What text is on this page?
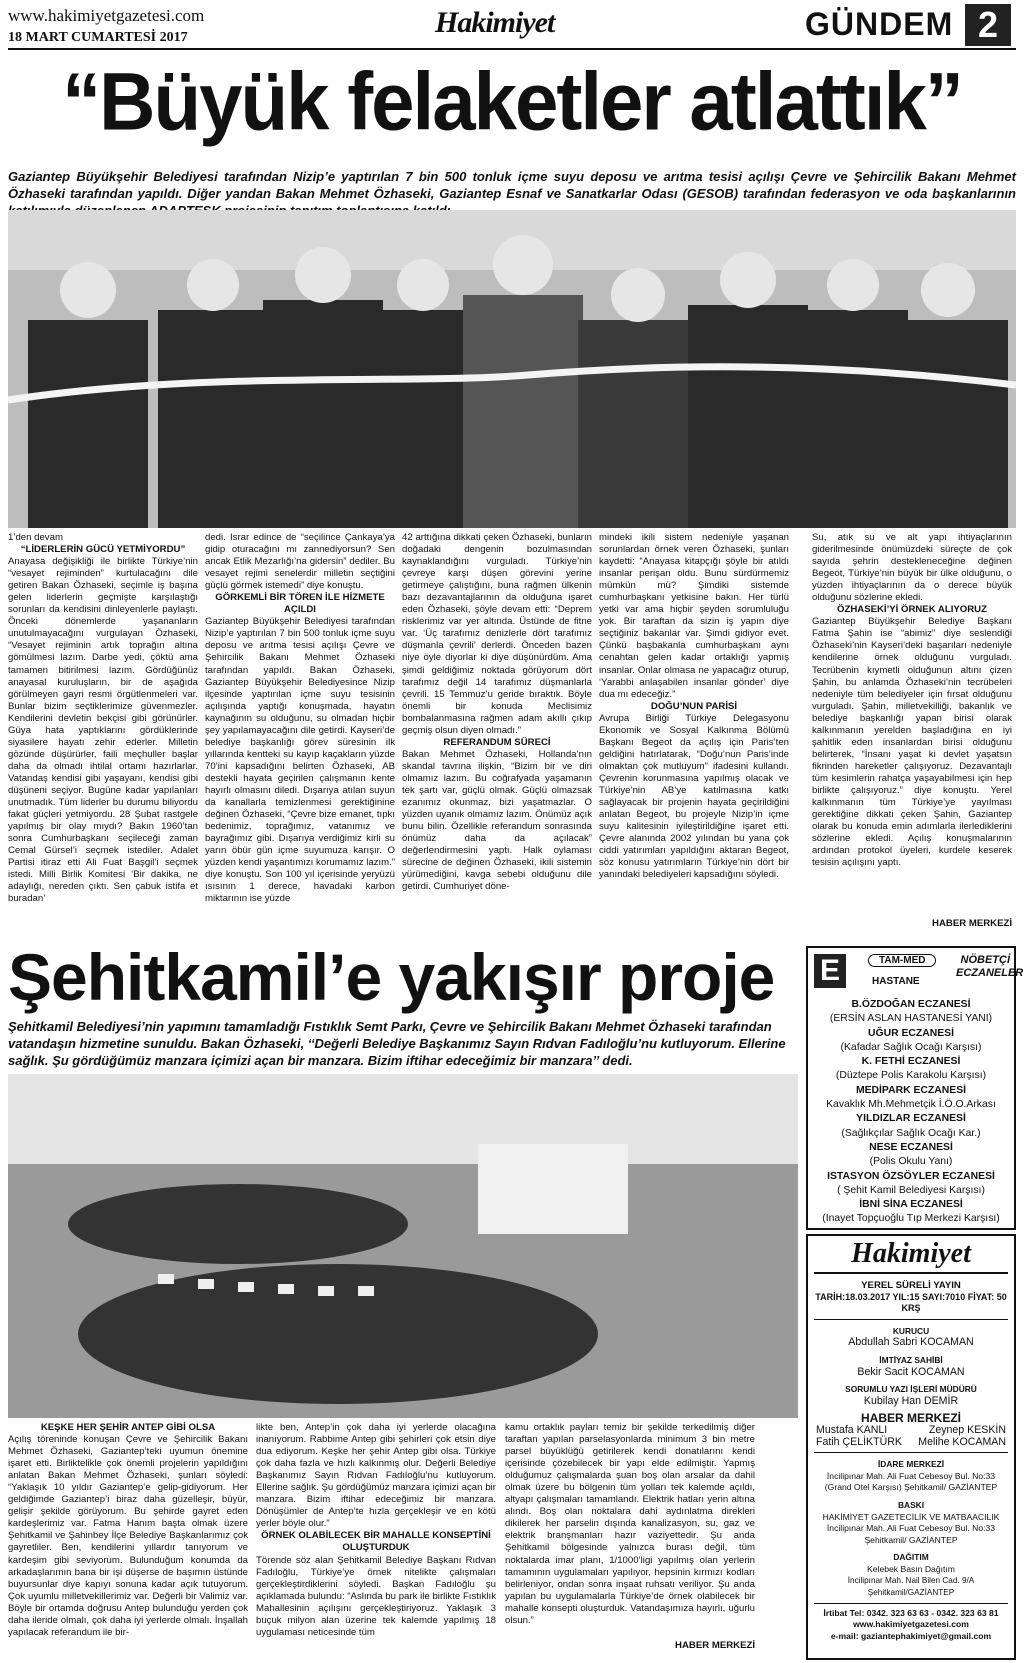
www.hakimiyetgazetesi.com
18 MART CUMARTESİ 2017	Hakimiyet	GÜNDEM 2
“Büyük felaketler atlattık”
Gaziantep Büyükşehir Belediyesi tarafından Nizip’e yaptırılan 7 bin 500 tonluk içme suyu deposu ve arıtma tesisi açılışı Çevre ve Şehircilik Bakanı Mehmet Özhaseki tarafından yapıldı. Diğer yandan Bakan Mehmet Özhaseki, Gaziantep Esnaf ve Sanatkarlar Odası (GESOB) tarafından federasyon ve oda başkanlarının

1’den devam

“LİDERLERİN GÜCÜ YETMİYORDU”

Anayasa değişikliği ile birlikte Türkiye’nin “vesayet rejiminden” kurtulacağını dile getiren Bakan Özhaseki, seçimle iş başına gelen liderlerin geçmişte karşılaştığı sorunları da kendisini dinleyenlerle paylaştı. Önceki dönemlerde yaşananların unutulmayacağını vurgulayan Özhaseki, “Vesayet rejiminin artık toprağın altına gömülmesi lazım. Darbe yedi, çöktü ama tamamen bitirilmesi lazım. Gördüğünüz anayasal kuruluşların, bir de aşağıda görülmeyen gayri resmi örgütlenmeleri var. Bunlar bizim seçtiklerimize güvenmezler. Kendilerini devletin bekçisi gibi görünürler. Güya hata yaptıklarını gördüklerinde siyasilere hayatı zehir ederler. Milletin gözünde düşürürler, faili meçhuller başlar daha da olmadı ihtilal ortamı hazırlarlar. Vatandaş kendisi gibi yaşayanı, kendisi gibi düşüneni seçiyor. Bugüne kadar yapılanları unutmadık. Tüm liderler bu durumu biliyordu fakat güçleri yetmiyordu. 28 Şubat rastgele yapılmış bir olay mıydı? Bakın 1960’tan sonra Cumhurbaşkanı seçileceği zaman Cemal Gürsel’i seçmek istediler. Adalet Partisi itiraz etti Ali Fuat Başgil’i seçmek istedi. Milli Birlik Komitesi ‘Bir dakika, ne adaylığı, nereden çıktı. Sen çabuk istifa et buradan’

dedi. Israr edince de “seçilince Çankaya’ya gidip oturacağını mı zannediyorsun? Sen ancak Etlik Mezarlığı’na gidersin” dediler. Bu vesayet rejimi senelerdir milletin seçtiğini güçlü görmek istemedi” diye konuştu.

GÖRKEMLİ BİR TÖREN İLE HİZMETE AÇILDI

Gaziantep Büyükşehir Belediyesi tarafından Nizip’e yaptırılan 7 bin 500 tonluk içme suyu deposu ve arıtma tesisi açılışı Çevre ve Şehircilik Bakanı Mehmet Özhaseki tarafından yapıldı. Bakan Özhaseki, Gaziantep Büyükşehir Belediyesince Nizip ilçesinde yaptırılan içme suyu tesisinin açılışında yaptığı konuşmada, hayatın kaynağının su olduğunu, su olmadan hiçbir şey yapılamayacağını dile getirdi. Kayseri’de belediye başkanlığı görev süresinin ilk yıllarında kentteki su kayıp kaçakların yüzde 70’ini kapsadığını belirten Özhaseki, AB destekli hayata geçirilen çalışmanın kente hayırlı olmasını diledi. Dışarıya atılan suyun da kanallarla temizlenmesi gerektiğinine değinen Özhaseki, “Çevre bize emanet, tıpkı bedenimiz, toprağımız, vatanımız ve bayrağımız gibi. Dışarıya verdiğimiz kirli su yarın öbür gün içme suyumuza karışır. O yüzden kendi yaşantımızı korumamız lazım.” diye konuştu. Son 100 yıl içerisinde yeryüzü ısısının 1 derece, havadaki karbon miktarının ise yüzde

42 arttığına dikkati çeken Özhaseki, bunların doğadaki dengenin bozulmasından kaynaklandığını vurguladı. Türkiye’nin çevreye karşı düşen görevini yerine getirmeye çalıştığını, buna rağmen ülkenin bazı dezavantajlarının da olduğuna işaret eden Özhaseki, şöyle devam etti: “Deprem risklerimiz var yer altında. Üstünde de fitne var. ‘Üç tarafımız denizlerle dört tarafımız düşmanla çevrili’ derlerdi. Önceden bazen niye öyle diyorlar ki diye düşünürdüm. Ama şimdi geldiğimiz noktada görüyorum dört tarafımız değil 14 tarafımız düşmanlarla çevrili. 15 Temmuz’u geride bıraktık. Böyle önemli bir konuda Meclisimiz bombalanmasına rağmen adam akıllı çıkıp geçmiş olsun diyen olmadı.”

REFERANDUM SÜRECİ

Bakan Mehmet Özhaseki, Hollanda’nın skandal tavrına ilişkin, “Bizim bir ve diri olmamız lazım. Bu coğrafyada yaşamanın tek şartı var, güçlü olmak. Güçlü olmazsak ezanımız okunmaz, bizi yaşatmazlar. O yüzden uyanık olmamız lazım. Önümüz açık bunu bilin. Özellikle referandum sonrasında önümüz daha da açılacak” değerlendirmesini yaptı. Halk oylaması sürecine de değinen Özhaseki, ikili sistemin yürümediğini, kavga sebebi olduğunu dile getirdi. Cumhuriyet döne-

mindeki ikili sistem nedeniyle yaşanan sorunlardan örnek veren Özhaseki, şunları kaydetti: “Anayasa kitapçığı şöyle bir atıldı insanlar perişan oldu. Bunu sürdürmemiz mümkün mü? Şimdiki sistemde cumhurbaşkanı yetkisine bakın. Her türlü yetki var ama hiçbir şeyden sorumluluğu yok. Bir taraftan da sizin iş yapın diye seçtiğiniz bakanlar var. Şimdi gidiyor evet. Çünkü başbakanla cumhurbaşkanı aynı cenahtan gelen kadar ortaklığı yapmış insanlar. Onlar olmasa ne yapacağız oturup, ‘Yarabbi anlaşabilen insanlar gönder’ diye dua mı edeceğiz.”

DOĞU’NUN PARİSİ

Avrupa Birliği Türkiye Delegasyonu Ekonomik ve Sosyal Kalkınma Bölümü Başkanı Begeot da açılış için Paris’ten geldiğini hatırlatarak, “Doğu’nun Paris’inde olmaktan çok mutluyum” ifadesini kullandı. Çevrenin korunmasına yapılmış olacak ve Türkiye’nin AB’ye katılmasına katkı sağlayacak bir projenin hayata geçirildiğini anlatan Begeot, bu projeyle Nizip’in içme suyu kalitesinin iyileştirildiğine işaret etti. Çevre alanında 2002 yılından bu yana çok ciddi yatırımları yapıldığını aktaran Begeot, söz konusu yatırımların Türkiye’nin dört bir yanındaki belediyeleri kapsadığını söyledi.

Su, atık su ve alt yapı ihtiyaçlarının giderilmesinde önümüzdeki süreçte de çok sayıda şehrin destekleneceğine değinen Begeot, Türkiye’nin büyük bir ülke olduğunu, o yüzden ihtiyaçlarının da o derece büyük olduğunu sözlerine ekledi.

ÖZHASEKİ’Yİ ÖRNEK ALIYORUZ

Gaziantep Büyükşehir Belediye Başkanı Fatma Şahin ise “abimiz” diye seslendiği Özhaseki’nin Kayseri’deki başarıları nedeniyle kendilerine örnek olduğunu vurguladı. Tecrübenin kıymetli olduğunun altını çizen Şahin, bu anlamda Özhaseki’nin tecrübeleri nedeniyle tüm belediyeler için fırsat olduğunu vurguladı. Şahin, milletvekilliği, bakanlık ve belediye başkanlığı yapan birisi olarak kalkınmanın yerelden başladığına en iyi şahitlik eden insanlardan birisi olduğunu belirterek, “İnsanı yaşat ki devlet yaşatsın fikrinden hareketler çalışıyoruz. Dezavantajlı tüm kesimlerin rahatça yaşayabilmesi için hep birlikte çalışıyoruz.” diye konuştu. Yerel kalkınmanın tüm Türkiye’ye yayılması gerektiğine dikkati çeken Şahin, Gaziantep olarak bu konuda emin adımlarla ilerlediklerini sözlerine ekledi. Açılış konuşmalarının ardından protokol üyeleri, kurdele keserek tesisin açılışını yaptı.

HABER MERKEZİ
Şehitkamil’e yakışır proje
Şehitkamil Belediyesi’nin yapımını tamamladığı Fıstıklık Semt Parkı, Çevre ve Şehircilik Bakanı Mehmet Özhaseki tarafından vatandaşın hizmetine sunuldu. Bakan Özhaseki, ‘‘Değerli Belediye Başkanımız Sayın Rıdvan Fadıloğlu’nu kutluyorum. Ellerine sağlık. Şu gördüğümüz manzara içimizi açan bir manzara. Bizim iftihar edeceğimiz bir manzara’’ dedi.

KEŞKE HER ŞEHİR ANTEP GİBİ OLSA

Açılış töreninde konuşan Çevre ve Şehircilik Bakanı Mehmet Özhaseki, Gaziantep’teki uyumun önemine işaret etti. Birliktelikle çok önemli projelerin yapıldığını anlatan Bakan Mehmet Özhaseki, şunları söyledi: “Yaklaşık 10 yıldır Gaziantep’e gelip-gidiyorum. Her geldiğimde Gaziantep’i biraz daha güzelleşir, büyür, gelişir şekilde görüyorum. Bu şehirde gayret eden kardeşlerimiz var. Fatma Hanım başta olmak üzere Şehitkamil ve Şahinbey İlçe Belediye Başkanlarımız çok gayretliler. Ben, kendilerini yıllardır tanıyorum ve kardeşim gibi seviyorum. Bulunduğum konumda da arkadaşlarımın bana bir işi düşerse de başımın üstünde buyursunlar diye kapıyı sonuna kadar açık tutuyorum. Çok uyumlu milletvekillerimiz var. Değerli bir Valimiz var. Böyle bir ortamda doğrusu Antep bulunduğu yerden çok daha ileride olmalı, çok daha iyi yerlerde olmalı. İnşallah yapılacak referandum ile bir-

likte ben, Antep’in çok daha iyi yerlerde olacağına inanıyorum. Rabbime Antep gibi şehirleri çok etsin diye dua ediyorum. Keşke her şehir Antep gibi olsa. Türkiye çok daha fazla ve hızlı kalkınmış olur. Değerli Belediye Başkanımız Sayın Rıdvan Fadıloğlu’nu kutluyorum. Ellerine sağlık. Şu gördüğümüz manzara içimizi açan bir manzara. Bizim iftihar edeceğimiz bir manzara. Dönüşümler de Antep’te hızla gerçekleşir ve en kötü yerler böyle olur.”

ÖRNEK OLABİLECEK BİR MAHALLE KONSEPTİNİ OLUŞTURDUK

Törende söz alan Şehitkamil Belediye Başkanı Rıdvan Fadıloğlu, Türkiye’ye örnek nitelikte çalışmaları gerçekleştirdiklerini söyledi. Başkan Fadıloğlu şu açıklamada bulundu: “Aslında bu park ile birlikte Fıstıklık Mahallesinin açılışını gerçekleştiriyoruz. Yaklaşık 3 buçuk milyon alan üzerine tek kalemde yapılmış 18 uygulaması neticesinde tüm

kamu ortaklık payları temiz bir şekilde terkedilmiş diğer taraftan yapılan parselasyonlarda minimum 3 bin metre parsel büyüklüğü getirilerek kendi donatılarını kendi içerisinde çözebilecek bir yapı elde edilmiştir. Yapmış olduğumuz çalışmalarda şuan boş olan arsalar da dahil olmak üzere bu bölgenin tüm yolları tek kalemde açıldı, altyapı çalışmaları tamamlandı. Elektrik hatları yerin altına alındı. Boş olan noktalara dahi aydınlatma direkleri dikilerek her parselin dışında kanalizasyon, su, gaz ve elektrik branşmanları hazır vaziyettedir. Şu anda Şehitkamil bölgesinde yalnızca burası değil, tüm noktalarda imar planı, 1/1000’ligi yapılmış olan yerlerin tamamının uygulamaları yapılıyor, hepsinin kırmızı kodları belirleniyor, ondan sonra inşaat ruhsatı veriliyor. Şu anda yapılan bu uygulamalarla Türkiye’de örnek olabilecek bir mahalle konsepti oluşturduk. Vatandaşımıza hayırlı, uğurlu olsun.”

HABER MERKEZİ
E	TAM-MED
HASTANE
NÖBETÇİ ECZANELER
B.ÖZDOĞAN ECZANESİ
(ERSİN ASLAN HASTANESİ YANI)
UĞUR ECZANESİ
(Kafadar Sağlık Ocağı Karşısı)
K. FETHİ ECZANESİ
(Düztepe Polis Karakolu Karşısı)
MEDİPARK ECZANESİ
Kavaklık Mh.Mehmetçik İ.Ö.O.Arkası
YILDIZLAR ECZANESİ
(Sağlıkçılar Sağlık Ocağı Kar.)
NESE ECZANESİ
(Polis Okulu Yanı)
ISTASYON ÖZSÖYLER ECZANESİ
( Şehit Kamil Belediyesi Karşısı)
İBNİ SİNA ECZANESİ
(Inayet Topçuoğlu Tıp Merkezi Karşısı)
Hakimiyet
YEREL SÜRELİ YAYIN
TARİH:18.03.2017 YIL:15 SAYI:7010 FİYAT: 50 KRŞ
KURUCU
Abdullah Sabri KOCAMAN
İMTİYAZ SAHİBİ
Bekir Sacit KOCAMAN
SORUMLU YAZI İŞLERİ MÜDÜRÜ
Kubilay Han DEMİR
HABER MERKEZİ
Mustafa KANLI	Zeynep KESKİN
Fatih ÇELİKTÜRK Melihe KOCAMAN
İDARE MERKEZİ
İncilipınar Mah. Ali Fuat Cebesoy Bul. No:33
(Grand Otel Karşısı) Şehitkamil/ GAZİANTEP
BASKI
HAKİMİYET GAZETECİLİK VE MATBAACILIK
İncilipınar Mah. Ali Fuat Cebesoy Bul. No:33
Şehitkamil/ GAZİANTEP
DAĞITIM
Kelebek Basın Dağıtım
İncilipınar Mah. Nail Bilen Cad. 9/A Şehitkamil/GAZİANTEP
İrtibat Tel: 0342. 323 63 63 - 0342. 323 63 81
www.hakimiyetgazetesi.com
e-mail: gaziantephakimiyet@gmail.com
